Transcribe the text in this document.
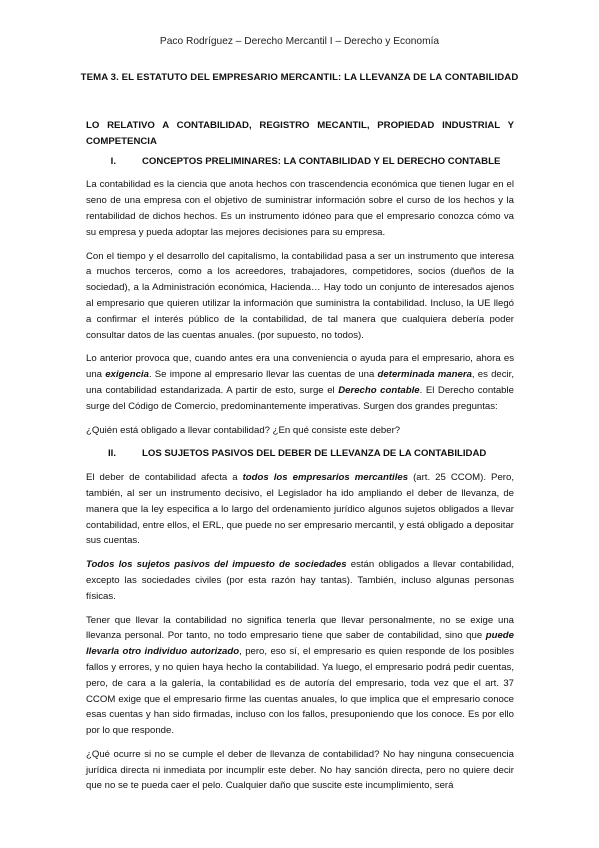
Paco Rodríguez – Derecho Mercantil I – Derecho y Economía
TEMA 3. EL ESTATUTO DEL EMPRESARIO MERCANTIL: LA LLEVANZA DE LA CONTABILIDAD
LO RELATIVO A CONTABILIDAD, REGISTRO MECANTIL, PROPIEDAD INDUSTRIAL Y COMPETENCIA
I.	CONCEPTOS PRELIMINARES: LA CONTABILIDAD Y EL DERECHO CONTABLE

La contabilidad es la ciencia que anota hechos con trascendencia económica que tienen lugar en el seno de una empresa con el objetivo de suministrar información sobre el curso de los hechos y la rentabilidad de dichos hechos. Es un instrumento idóneo para que el empresario conozca cómo va su empresa y pueda adoptar las mejores decisiones para su empresa.

Con el tiempo y el desarrollo del capitalismo, la contabilidad pasa a ser un instrumento que interesa a muchos terceros, como a los acreedores, trabajadores, competidores, socios (dueños de la sociedad), a la Administración económica, Hacienda… Hay todo un conjunto de interesados ajenos al empresario que quieren utilizar la información que suministra la contabilidad. Incluso, la UE llegó a confirmar el interés público de la contabilidad, de tal manera que cualquiera debería poder consultar datos de las cuentas anuales. (por supuesto, no todos).

Lo anterior provoca que, cuando antes era una conveniencia o ayuda para el empresario, ahora es una exigencia. Se impone al empresario llevar las cuentas de una determinada manera, es decir, una contabilidad estandarizada. A partir de esto, surge el Derecho contable. El Derecho contable surge del Código de Comercio, predominantemente imperativas. Surgen dos grandes preguntas:

¿Quién está obligado a llevar contabilidad? ¿En qué consiste este deber?

II.	LOS SUJETOS PASIVOS DEL DEBER DE LLEVANZA DE LA CONTABILIDAD

El deber de contabilidad afecta a todos los empresarios mercantiles (art. 25 CCOM). Pero, también, al ser un instrumento decisivo, el Legislador ha ido ampliando el deber de llevanza, de manera que la ley especifica a lo largo del ordenamiento jurídico algunos sujetos obligados a llevar contabilidad, entre ellos, el ERL, que puede no ser empresario mercantil, y está obligado a depositar sus cuentas.

Todos los sujetos pasivos del impuesto de sociedades están obligados a llevar contabilidad, excepto las sociedades civiles (por esta razón hay tantas). También, incluso algunas personas físicas.

Tener que llevar la contabilidad no significa tenerla que llevar personalmente, no se exige una llevanza personal. Por tanto, no todo empresario tiene que saber de contabilidad, sino que puede llevarla otro individuo autorizado, pero, eso sí, el empresario es quien responde de los posibles fallos y errores, y no quien haya hecho la contabilidad. Ya luego, el empresario podrá pedir cuentas, pero, de cara a la galería, la contabilidad es de autoría del empresario, toda vez que el art. 37 CCOM exige que el empresario firme las cuentas anuales, lo que implica que el empresario conoce esas cuentas y han sido firmadas, incluso con los fallos, presuponiendo que los conoce. Es por ello por lo que responde.

¿Qué ocurre si no se cumple el deber de llevanza de contabilidad? No hay ninguna consecuencia jurídica directa ni inmediata por incumplir este deber. No hay sanción directa, pero no quiere decir que no se te pueda caer el pelo. Cualquier daño que suscite este incumplimiento, será
